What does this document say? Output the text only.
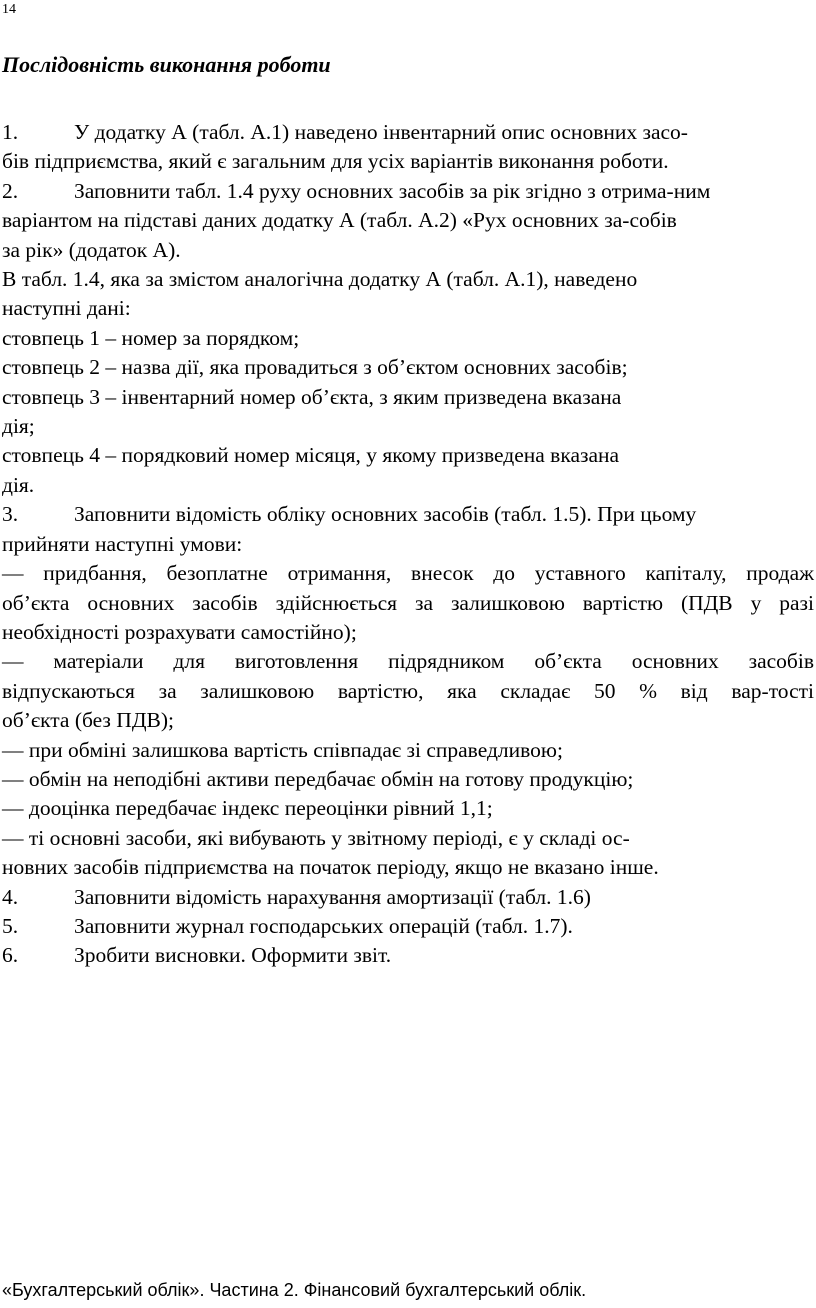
14
Послідовність виконання роботи
1.	У додатку А (табл. А.1) наведено інвентарний опис основних засо-
бів підприємства, який є загальним для усіх варіантів виконання роботи.
2.	Заповнити табл. 1.4 руху основних засобів за рік згідно з отрима-ним
варіантом на підставі даних додатку А (табл. А.2) «Рух основних за-собів
за рік» (додаток А).
В табл. 1.4, яка за змістом аналогічна додатку А (табл. А.1), наведено
наступні дані:
стовпець 1 – номер за порядком;
стовпець 2 – назва дії, яка провадиться з об’єктом основних засобів;
стовпець 3 – інвентарний номер об’єкта, з яким призведена вказана
дія;
стовпець 4 – порядковий номер місяця, у якому призведена вказана
дія.
3.	Заповнити відомість обліку основних засобів (табл. 1.5). При цьому
прийняти наступні умови:
— придбання, безоплатне отримання, внесок до уставного капіталу, продаж
об’єкта основних засобів здійснюється за залишковою вартістю (ПДВ у разі
необхідності розрахувати самостійно);
— матеріали для виготовлення підрядником об’єкта основних засобів
відпускаються за залишковою вартістю, яка складає 50 % від вар-тості
об’єкта (без ПДВ);
— при обміні залишкова вартість співпадає зі справедливою;
— обмін на неподібні активи передбачає обмін на готову продукцію;
— дооцінка передбачає індекс переоцінки рівний 1,1;
— ті основні засоби, які вибувають у звітному періоді, є у складі ос-
новних засобів підприємства на початок періоду, якщо не вказано інше.
4.	Заповнити відомість нарахування амортизації (табл. 1.6)
5.	Заповнити журнал господарських операцій (табл. 1.7).
6.	Зробити висновки. Оформити звіт.
«Бухгалтерський облік». Частина 2. Фінансовий бухгалтерський облік.
